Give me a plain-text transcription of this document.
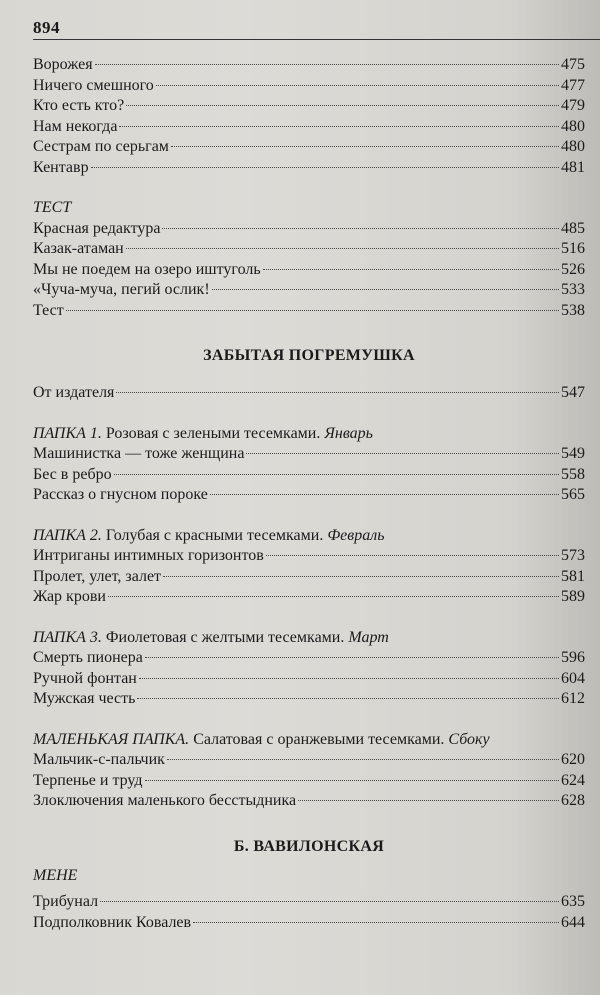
894
Ворожея	475
Ничего смешного	477
Кто есть кто?	479
Нам некогда	480
Сестрам по серьгам	480
Кентавр	481
ТЕСТ
Красная редактура	485
Казак-атаман	516
Мы не поедем на озеро иштуголь	526
«Чуча-муча, пегий ослик!	533
Тест	538
ЗАБЫТАЯ ПОГРЕМУШКА
От издателя	547
ПАПКА 1. Розовая с зелеными тесемками. Январь
Машинистка — тоже женщина	549
Бес в ребро	558
Рассказ о гнусном пороке	565
ПАПКА 2. Голубая с красными тесемками. Февраль
Интриганы интимных горизонтов	573
Пролет, улет, залет	581
Жар крови	589
ПАПКА 3. Фиолетовая с желтыми тесемками. Март
Смерть пионера	596
Ручной фонтан	604
Мужская честь	612
МАЛЕНЬКАЯ ПАПКА. Салатовая с оранжевыми тесемками. Сбоку
Мальчик-с-пальчик	620
Терпенье и труд	624
Злоключения маленького бесстыдника	628
Б. ВАВИЛОНСКАЯ
МЕНЕ
Трибунал	635
Подполковник Ковалев	644
